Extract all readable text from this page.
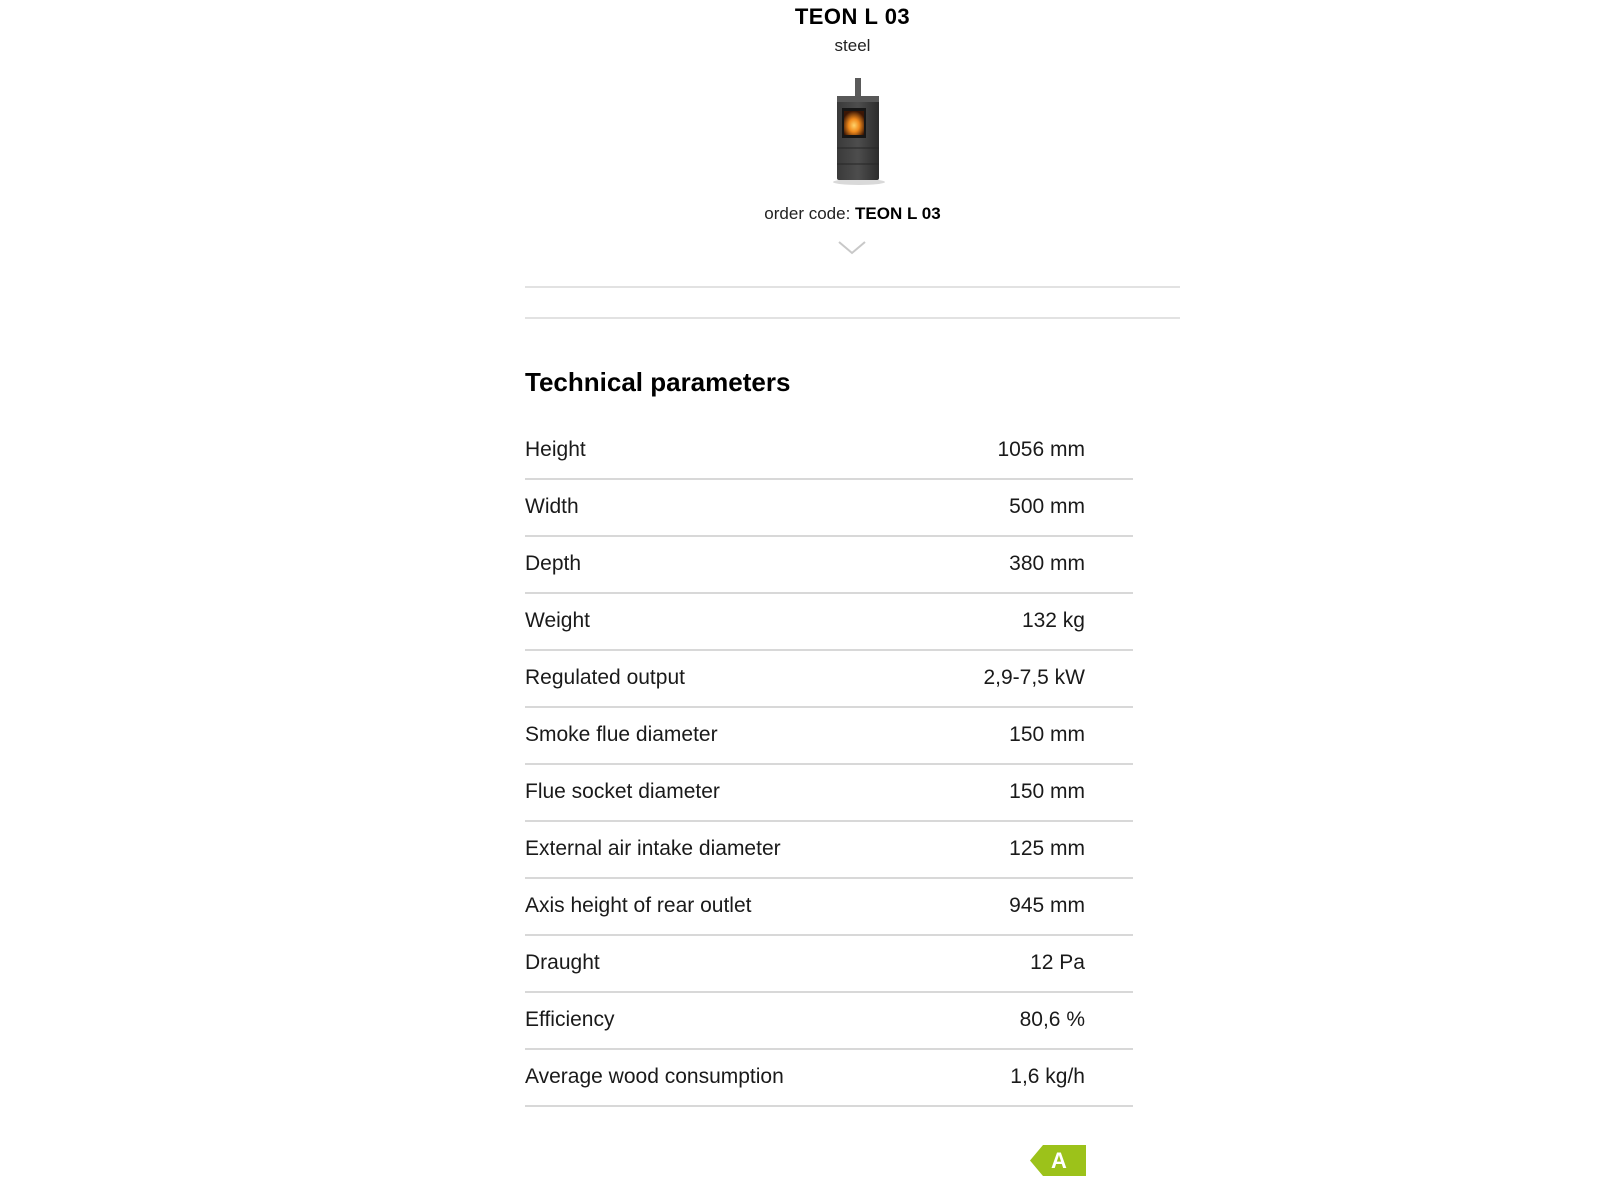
TEON L 03
steel
order code: TEON L 03
Technical parameters
Height	1056 mm
Width	500 mm
Depth	380 mm
Weight	132 kg
Regulated output	2,9-7,5 kW
Smoke flue diameter	150 mm
Flue socket diameter	150 mm
External air intake diameter	125 mm
Axis height of rear outlet	945 mm
Draught	12 Pa
Efficiency	80,6 %
Average wood consumption	1,6 kg/h
A
